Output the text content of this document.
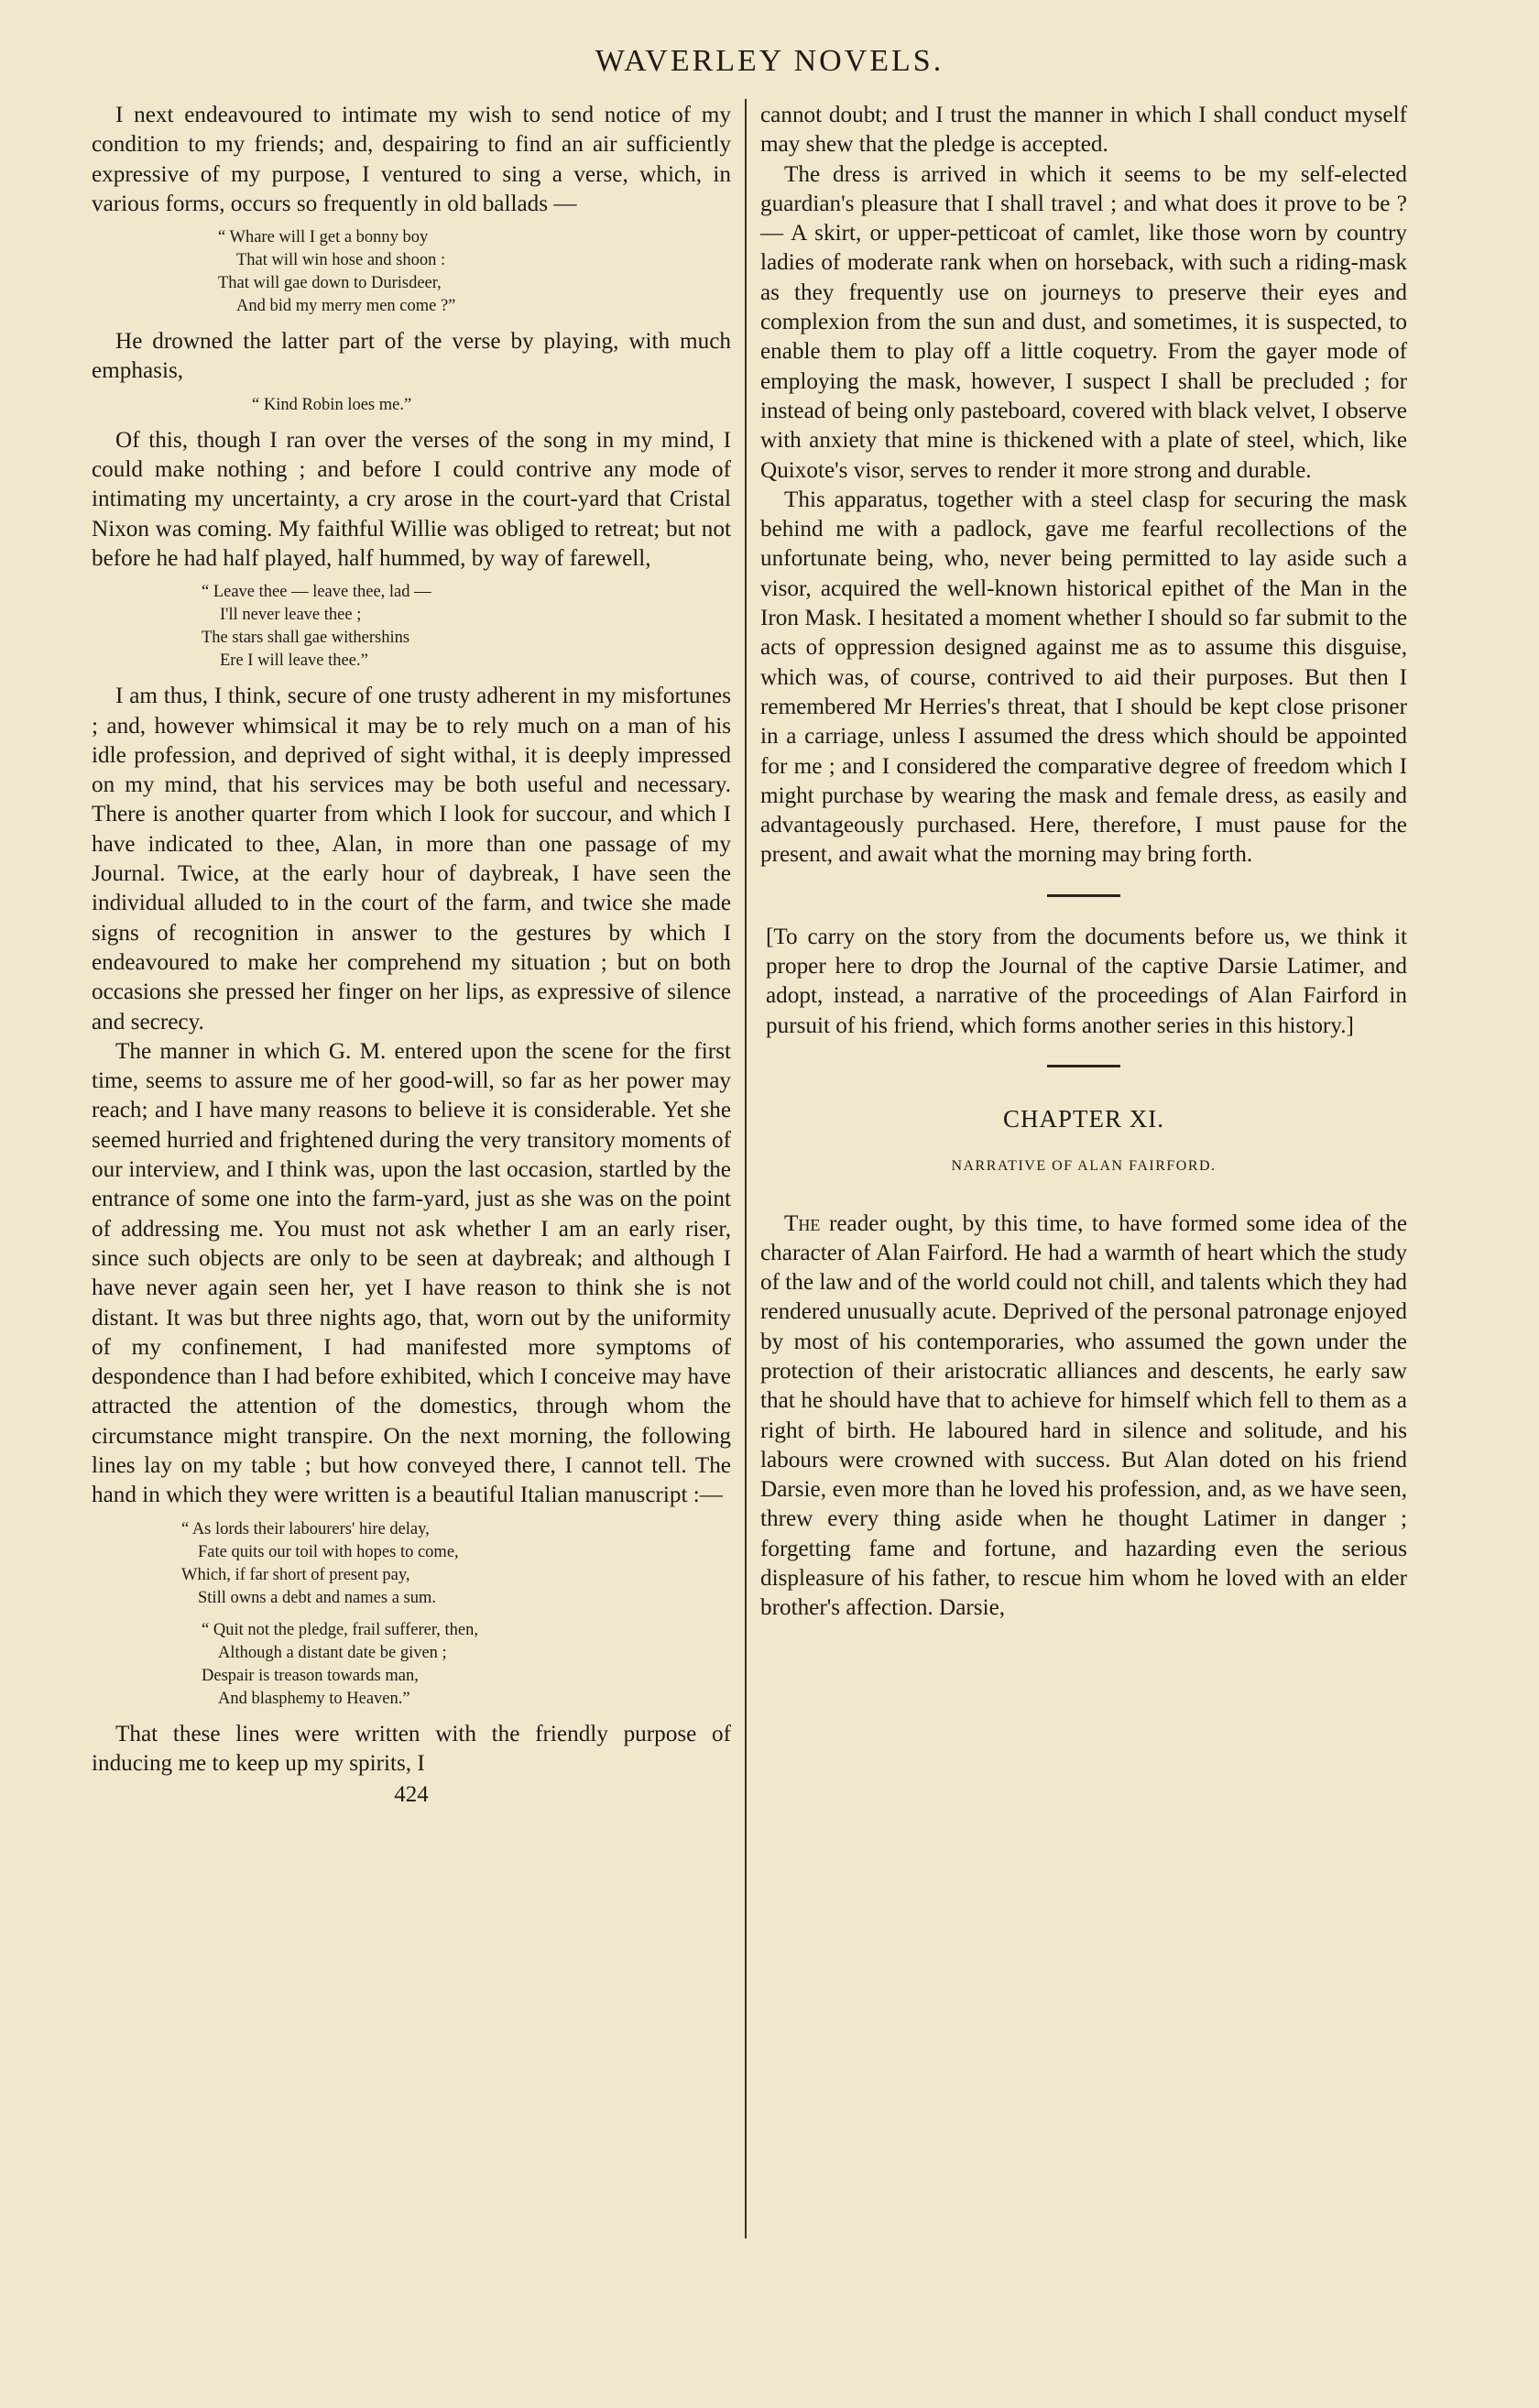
WAVERLEY NOVELS.

I next endeavoured to intimate my wish to send notice of my condition to my friends; and, despairing to find an air sufficiently expressive of my purpose, I ventured to sing a verse, which, in various forms, occurs so frequently in old ballads —

“ Whare will I get a bonny boy
That will win hose and shoon :
That will gae down to Durisdeer,
And bid my merry men come ?”

He drowned the latter part of the verse by playing, with much emphasis,

“ Kind Robin loes me.”

Of this, though I ran over the verses of the song in my mind, I could make nothing ; and before I could contrive any mode of intimating my uncertainty, a cry arose in the court-yard that Cristal Nixon was coming. My faithful Willie was obliged to retreat; but not before he had half played, half hummed, by way of farewell,

“ Leave thee — leave thee, lad —
I'll never leave thee ;
The stars shall gae withershins
Ere I will leave thee.”

I am thus, I think, secure of one trusty adherent in my misfortunes ; and, however whimsical it may be to rely much on a man of his idle profession, and deprived of sight withal, it is deeply impressed on my mind, that his services may be both useful and necessary. There is another quarter from which I look for succour, and which I have indicated to thee, Alan, in more than one passage of my Journal. Twice, at the early hour of daybreak, I have seen the individual alluded to in the court of the farm, and twice she made signs of recognition in answer to the gestures by which I endeavoured to make her comprehend my situation ; but on both occasions she pressed her finger on her lips, as expressive of silence and secrecy.

The manner in which G. M. entered upon the scene for the first time, seems to assure me of her good-will, so far as her power may reach; and I have many reasons to believe it is considerable. Yet she seemed hurried and frightened during the very transitory moments of our interview, and I think was, upon the last occasion, startled by the entrance of some one into the farm-yard, just as she was on the point of addressing me. You must not ask whether I am an early riser, since such objects are only to be seen at daybreak; and although I have never again seen her, yet I have reason to think she is not distant. It was but three nights ago, that, worn out by the uniformity of my confinement, I had manifested more symptoms of despondence than I had before exhibited, which I conceive may have attracted the attention of the domestics, through whom the circumstance might transpire. On the next morning, the following lines lay on my table ; but how conveyed there, I cannot tell. The hand in which they were written is a beautiful Italian manuscript :—

“ As lords their labourers' hire delay,
Fate quits our toil with hopes to come,
Which, if far short of present pay,
Still owns a debt and names a sum.
“ Quit not the pledge, frail sufferer, then,
Although a distant date be given ;
Despair is treason towards man,
And blasphemy to Heaven.”

That these lines were written with the friendly purpose of inducing me to keep up my spirits, I

424

cannot doubt; and I trust the manner in which I shall conduct myself may shew that the pledge is accepted.

The dress is arrived in which it seems to be my self-elected guardian's pleasure that I shall travel ; and what does it prove to be ? — A skirt, or upper-petticoat of camlet, like those worn by country ladies of moderate rank when on horseback, with such a riding-mask as they frequently use on journeys to preserve their eyes and complexion from the sun and dust, and sometimes, it is suspected, to enable them to play off a little coquetry. From the gayer mode of employing the mask, however, I suspect I shall be precluded ; for instead of being only pasteboard, covered with black velvet, I observe with anxiety that mine is thickened with a plate of steel, which, like Quixote's visor, serves to render it more strong and durable.

This apparatus, together with a steel clasp for securing the mask behind me with a padlock, gave me fearful recollections of the unfortunate being, who, never being permitted to lay aside such a visor, acquired the well-known historical epithet of the Man in the Iron Mask. I hesitated a moment whether I should so far submit to the acts of oppression designed against me as to assume this disguise, which was, of course, contrived to aid their purposes. But then I remembered Mr Herries's threat, that I should be kept close prisoner in a carriage, unless I assumed the dress which should be appointed for me ; and I considered the comparative degree of freedom which I might purchase by wearing the mask and female dress, as easily and advantageously purchased. Here, therefore, I must pause for the present, and await what the morning may bring forth.

[To carry on the story from the documents before us, we think it proper here to drop the Journal of the captive Darsie Latimer, and adopt, instead, a narrative of the proceedings of Alan Fairford in pursuit of his friend, which forms another series in this history.]

CHAPTER XI.
NARRATIVE OF ALAN FAIRFORD.

The reader ought, by this time, to have formed some idea of the character of Alan Fairford. He had a warmth of heart which the study of the law and of the world could not chill, and talents which they had rendered unusually acute. Deprived of the personal patronage enjoyed by most of his contemporaries, who assumed the gown under the protection of their aristocratic alliances and descents, he early saw that he should have that to achieve for himself which fell to them as a right of birth. He laboured hard in silence and solitude, and his labours were crowned with success. But Alan doted on his friend Darsie, even more than he loved his profession, and, as we have seen, threw every thing aside when he thought Latimer in danger ; forgetting fame and fortune, and hazarding even the serious displeasure of his father, to rescue him whom he loved with an elder brother's affection. Darsie,
